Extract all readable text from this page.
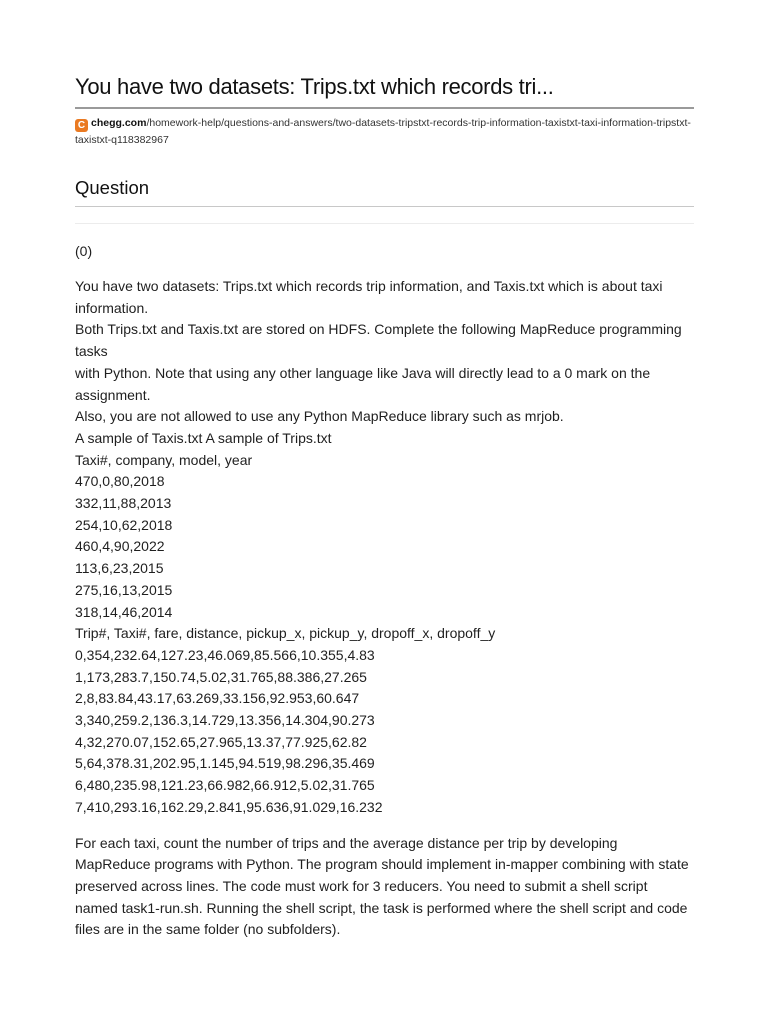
You have two datasets: Trips.txt which records tri...
C chegg.com/homework-help/questions-and-answers/two-datasets-tripstxt-records-trip-information-taxistxt-taxi-information-tripstxt-taxistxt-q118382967
Question
(0)
You have two datasets: Trips.txt which records trip information, and Taxis.txt which is about taxi information.
Both Trips.txt and Taxis.txt are stored on HDFS. Complete the following MapReduce programming tasks
with Python. Note that using any other language like Java will directly lead to a 0 mark on the assignment.
Also, you are not allowed to use any Python MapReduce library such as mrjob.
A sample of Taxis.txt A sample of Trips.txt
Taxi#, company, model, year
470,0,80,2018
332,11,88,2013
254,10,62,2018
460,4,90,2022
113,6,23,2015
275,16,13,2015
318,14,46,2014
Trip#, Taxi#, fare, distance, pickup_x, pickup_y, dropoff_x, dropoff_y
0,354,232.64,127.23,46.069,85.566,10.355,4.83
1,173,283.7,150.74,5.02,31.765,88.386,27.265
2,8,83.84,43.17,63.269,33.156,92.953,60.647
3,340,259.2,136.3,14.729,13.356,14.304,90.273
4,32,270.07,152.65,27.965,13.37,77.925,62.82
5,64,378.31,202.95,1.145,94.519,98.296,35.469
6,480,235.98,121.23,66.982,66.912,5.02,31.765
7,410,293.16,162.29,2.841,95.636,91.029,16.232

For each taxi, count the number of trips and the average distance per trip by developing MapReduce programs with Python. The program should implement in-mapper combining with state preserved across lines. The code must work for 3 reducers. You need to submit a shell script named task1-run.sh. Running the shell script, the task is performed where the shell script and code files are in the same folder (no subfolders).
